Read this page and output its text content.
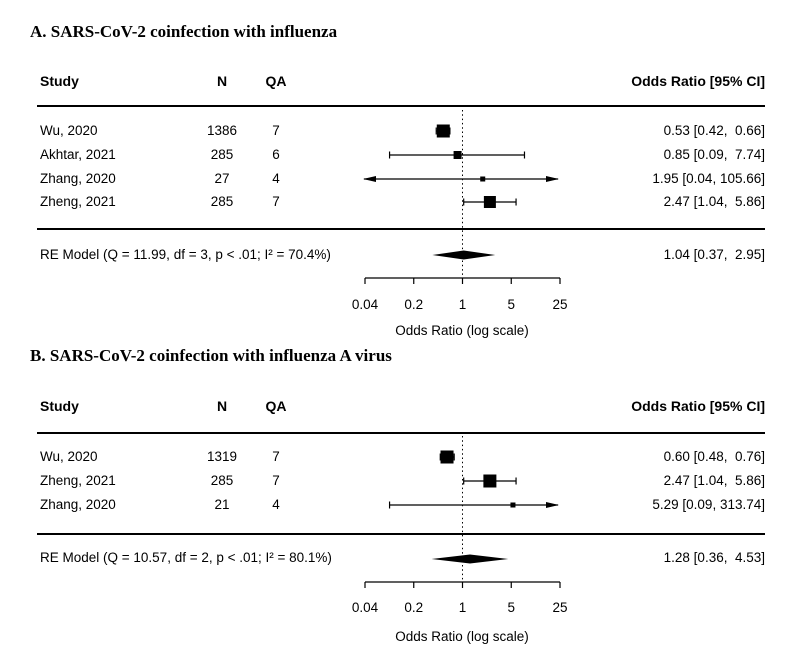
A. SARS-CoV-2 coinfection with influenza
Study	N	QA	Odds Ratio [95% CI]
Wu, 2020	1386	7	0.53 [0.42,  0.66]
Akhtar, 2021	285	6	0.85 [0.09,  7.74]
Zhang, 2020	27	4	1.95 [0.04, 105.66]
Zheng, 2021	285	7	2.47 [1.04,  5.86]
RE Model (Q = 11.99, df = 3, p < .01; I² = 70.4%)	1.04 [0.37,  2.95]
0.04 0.2	1	5	25
Odds Ratio (log scale)
B. SARS-CoV-2 coinfection with influenza A virus
Study	N	QA	Odds Ratio [95% CI]
Wu, 2020	1319	7	0.60 [0.48,  0.76]
Zheng, 2021	285	7	2.47 [1.04,  5.86]
Zhang, 2020	21	4	5.29 [0.09, 313.74]
RE Model (Q = 10.57, df = 2, p < .01; I² = 80.1%)	1.28 [0.36,  4.53]
0.04 0.2	1	5	25
Odds Ratio (log scale)
